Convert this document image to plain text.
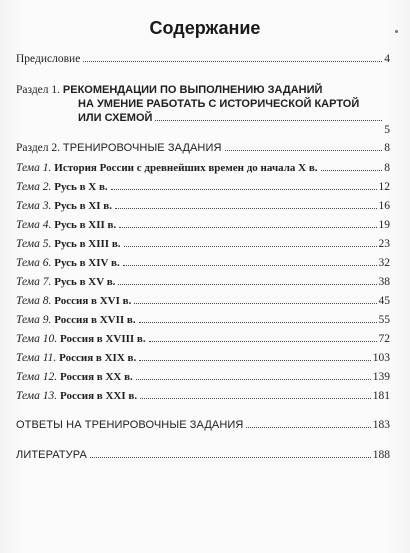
Содержание
Предисловие	4
Раздел 1. РЕКОМЕНДАЦИИ ПО ВЫПОЛНЕНИЮ ЗАДАНИЙ
НА УМЕНИЕ РАБОТАТЬ С ИСТОРИЧЕСКОЙ КАРТОЙ
ИЛИ СХЕМОЙ
5
Раздел 2. ТРЕНИРОВОЧНЫЕ ЗАДАНИЯ	8
Тема 1. История России с древнейших времен до начала X в.	8
Тема 2. Русь в X в.	12
Тема 3. Русь в XI в.	16
Тема 4. Русь в XII в.	19
Тема 5. Русь в XIII в.	23
Тема 6. Русь в XIV в.	32
Тема 7. Русь в XV в.	38
Тема 8. Россия в XVI в.	45
Тема 9. Россия в XVII в.	55
Тема 10. Россия в XVIII в.	72
Тема 11. Россия в XIX в.	103
Тема 12. Россия в XX в.	139
Тема 13. Россия в XXI в.	181
ОТВЕТЫ НА ТРЕНИРОВОЧНЫЕ ЗАДАНИЯ	183
ЛИТЕРАТУРА	188
